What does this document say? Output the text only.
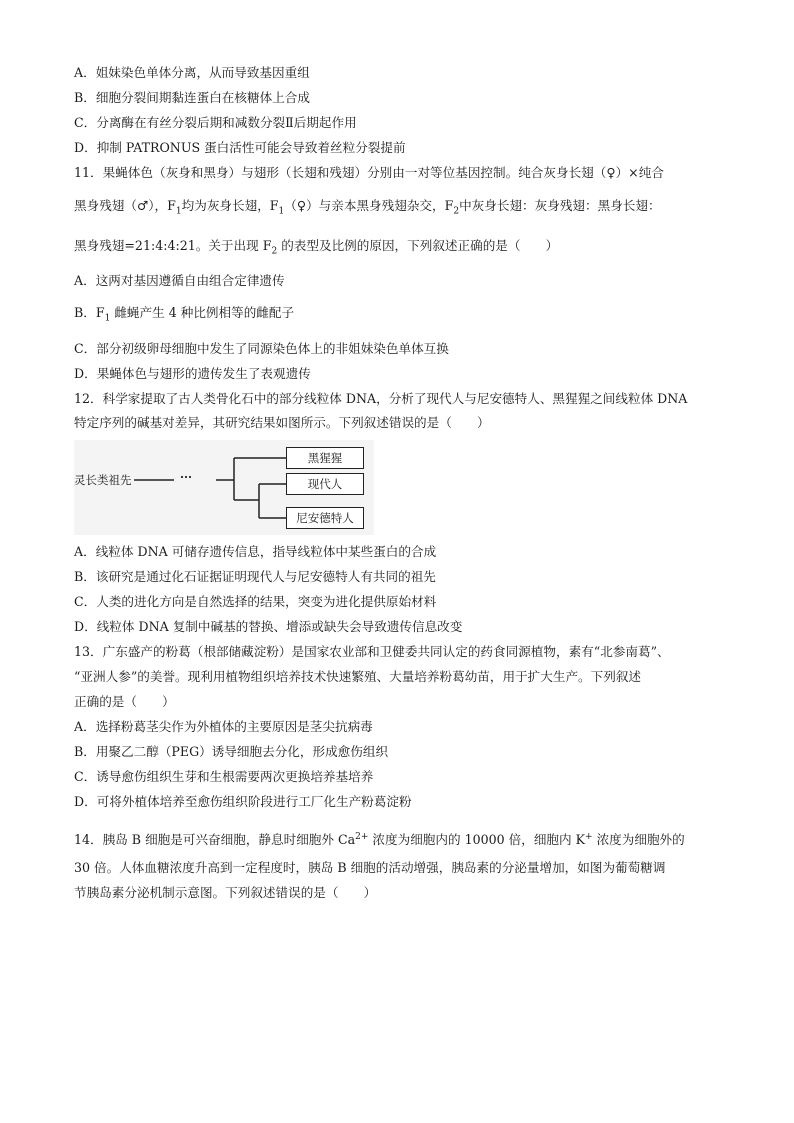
A．姐妹染色单体分离，从而导致基因重组
B．细胞分裂间期黏连蛋白在核糖体上合成
C．分离酶在有丝分裂后期和减数分裂Ⅱ后期起作用
D．抑制 PATRONUS 蛋白活性可能会导致着丝粒分裂提前
11．果蝇体色（灰身和黑身）与翅形（长翅和残翅）分别由一对等位基因控制。纯合灰身长翅（♀）×纯合
黑身残翅（♂），$F_1$均为灰身长翅，$F_1(♀)$与亲本黑身残翅杂交，$F_2$中灰身长翅：灰身残翅：黑身长翅：
黑身残翅=21:4:4:21。关于出现 $F_2$ 的表型及比例的原因，下列叙述正确的是（　　）
A．这两对基因遵循自由组合定律遗传
B．$F_1$ 雌蝇产生 4 种比例相等的雌配子
C．部分初级卵母细胞中发生了同源染色体上的非姐妹染色单体互换
D．果蝇体色与翅形的遗传发生了表观遗传
12．科学家提取了古人类骨化石中的部分线粒体 DNA，分析了现代人与尼安德特人、黑猩猩之间线粒体 DNA
特定序列的碱基对差异，其研究结果如图所示。下列叙述错误的是（　　）
灵长类祖先	···
黑猩猩
现代人
尼安德特人
A．线粒体 DNA 可储存遗传信息，指导线粒体中某些蛋白的合成
B．该研究是通过化石证据证明现代人与尼安德特人有共同的祖先
C．人类的进化方向是自然选择的结果，突变为进化提供原始材料
D．线粒体 DNA 复制中碱基的替换、增添或缺失会导致遗传信息改变
13．广东盛产的粉葛（根部储藏淀粉）是国家农业部和卫健委共同认定的药食同源植物，素有“北参南葛”、
“亚洲人参”的美誉。现利用植物组织培养技术快速繁殖、大量培养粉葛幼苗，用于扩大生产。下列叙述
正确的是（　　）
A．选择粉葛茎尖作为外植体的主要原因是茎尖抗病毒
B．用聚乙二醇（PEG）诱导细胞去分化，形成愈伤组织
C．诱导愈伤组织生芽和生根需要两次更换培养基培养
D．可将外植体培养至愈伤组织阶段进行工厂化生产粉葛淀粉
14．胰岛 B 细胞是可兴奋细胞，静息时细胞外 $Ca^{2+}$ 浓度为细胞内的 10000 倍，细胞内 K+ 浓度为细胞外的
30 倍。人体血糖浓度升高到一定程度时，胰岛 B 细胞的活动增强，胰岛素的分泌量增加，如图为葡萄糖调
节胰岛素分泌机制示意图。下列叙述错误的是（　　）
